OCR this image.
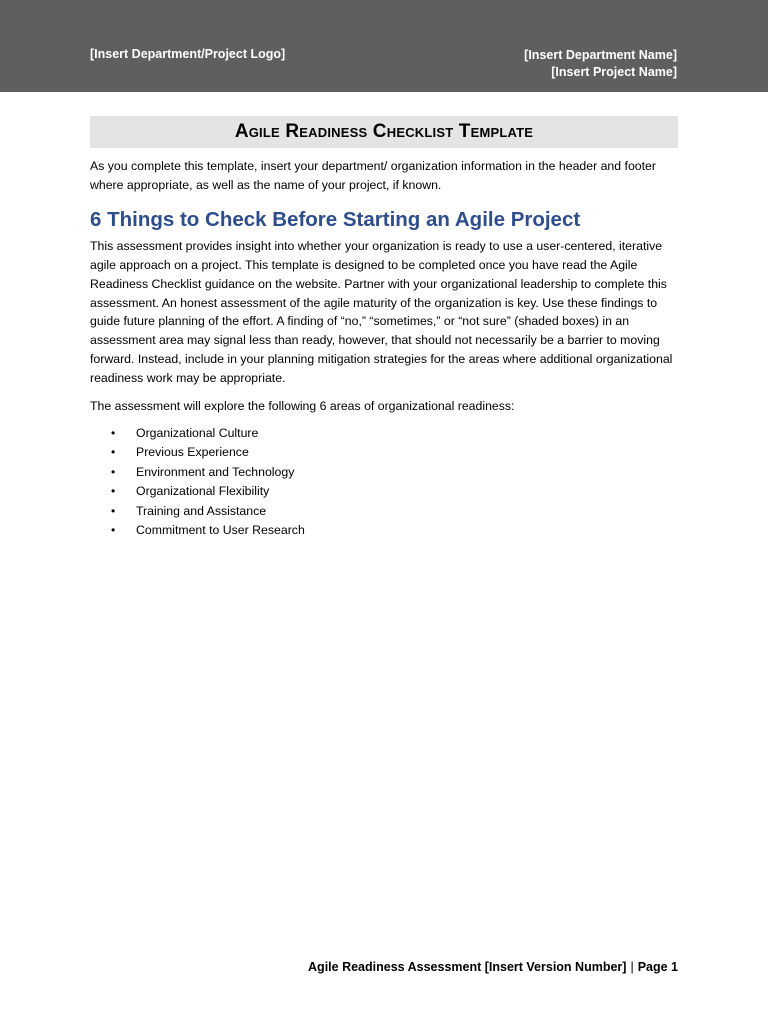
[Insert Department/Project Logo]	[Insert Department Name]
[Insert Project Name]
Agile Readiness Checklist Template

As you complete this template, insert your department/ organization information in the header and footer where appropriate, as well as the name of your project, if known.

6 Things to Check Before Starting an Agile Project

This assessment provides insight into whether your organization is ready to use a user-centered, iterative agile approach on a project. This template is designed to be completed once you have read the Agile Readiness Checklist guidance on the website. Partner with your organizational leadership to complete this assessment. An honest assessment of the agile maturity of the organization is key. Use these findings to guide future planning of the effort. A finding of “no,” “sometimes,” or “not sure” (shaded boxes) in an assessment area may signal less than ready, however, that should not necessarily be a barrier to moving forward. Instead, include in your planning mitigation strategies for the areas where additional organizational readiness work may be appropriate.

The assessment will explore the following 6 areas of organizational readiness:

• Organizational Culture
• Previous Experience
• Environment and Technology
• Organizational Flexibility
• Training and Assistance
• Commitment to User Research
Agile Readiness Assessment [Insert Version Number] | Page 1
